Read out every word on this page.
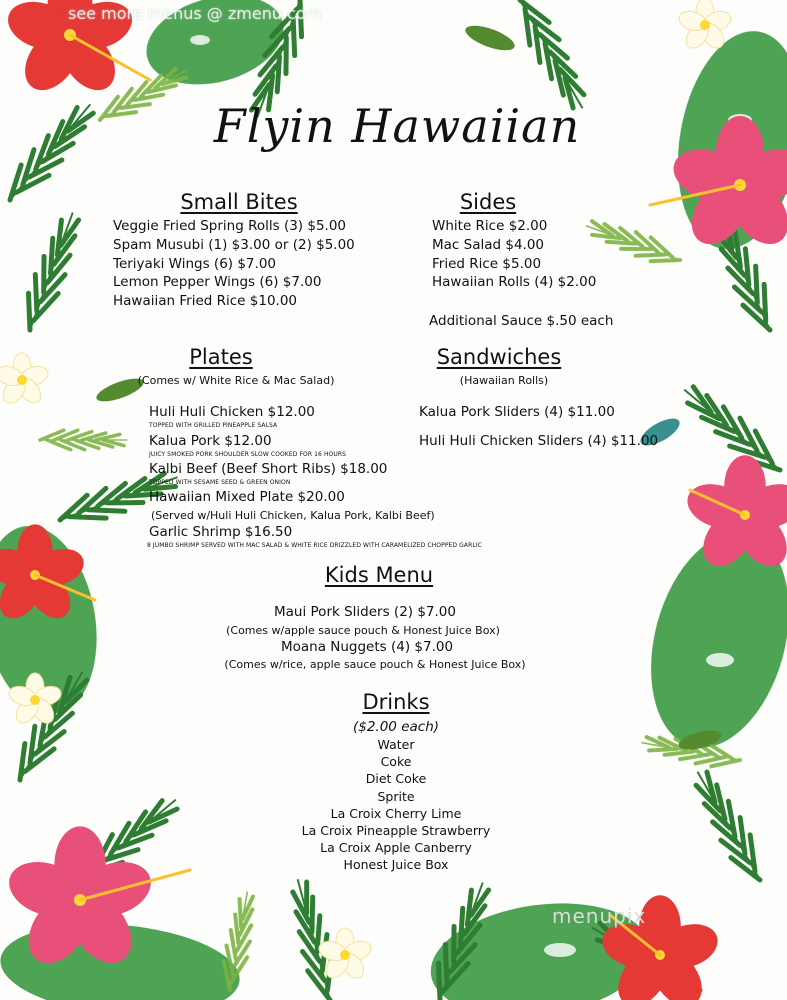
see more menus @ zmenu.com
menupix
Flyin Hawaiian
Small Bites
Veggie Fried Spring Rolls (3) $5.00
Spam Musubi (1) $3.00 or (2) $5.00
Teriyaki Wings (6) $7.00
Lemon Pepper Wings (6) $7.00
Hawaiian Fried Rice $10.00
Sides
White Rice $2.00
Mac Salad $4.00
Fried Rice $5.00
Hawaiian Rolls (4) $2.00
Additional Sauce $.50 each
Plates
(Comes w/ White Rice & Mac Salad)
Huli Huli Chicken $12.00
TOPPED WITH GRILLED PINEAPPLE SALSA
Kalua Pork $12.00
JUICY SMOKED PORK SHOULDER SLOW COOKED FOR 16 HOURS
Kalbi Beef (Beef Short Ribs) $18.00
TOPPED WITH SESAME SEED & GREEN ONION
Hawaiian Mixed Plate $20.00
(Served w/Huli Huli Chicken, Kalua Pork, Kalbi Beef)
Garlic Shrimp $16.50
8 JUMBO SHRIMP SERVED WITH MAC SALAD & WHITE RICE DRIZZLED WITH CARAMELIZED CHOPPED GARLIC
Sandwiches
(Hawaiian Rolls)
Kalua Pork Sliders (4) $11.00
Huli Huli Chicken Sliders (4) $11.00
Kids Menu
Maui Pork Sliders (2) $7.00
(Comes w/apple sauce pouch & Honest Juice Box)
Moana Nuggets (4) $7.00
(Comes w/rice, apple sauce pouch & Honest Juice Box)
Drinks
($2.00 each)
Water
Coke
Diet Coke
Sprite
La Croix Cherry Lime
La Croix Pineapple Strawberry
La Croix Apple Canberry
Honest Juice Box
